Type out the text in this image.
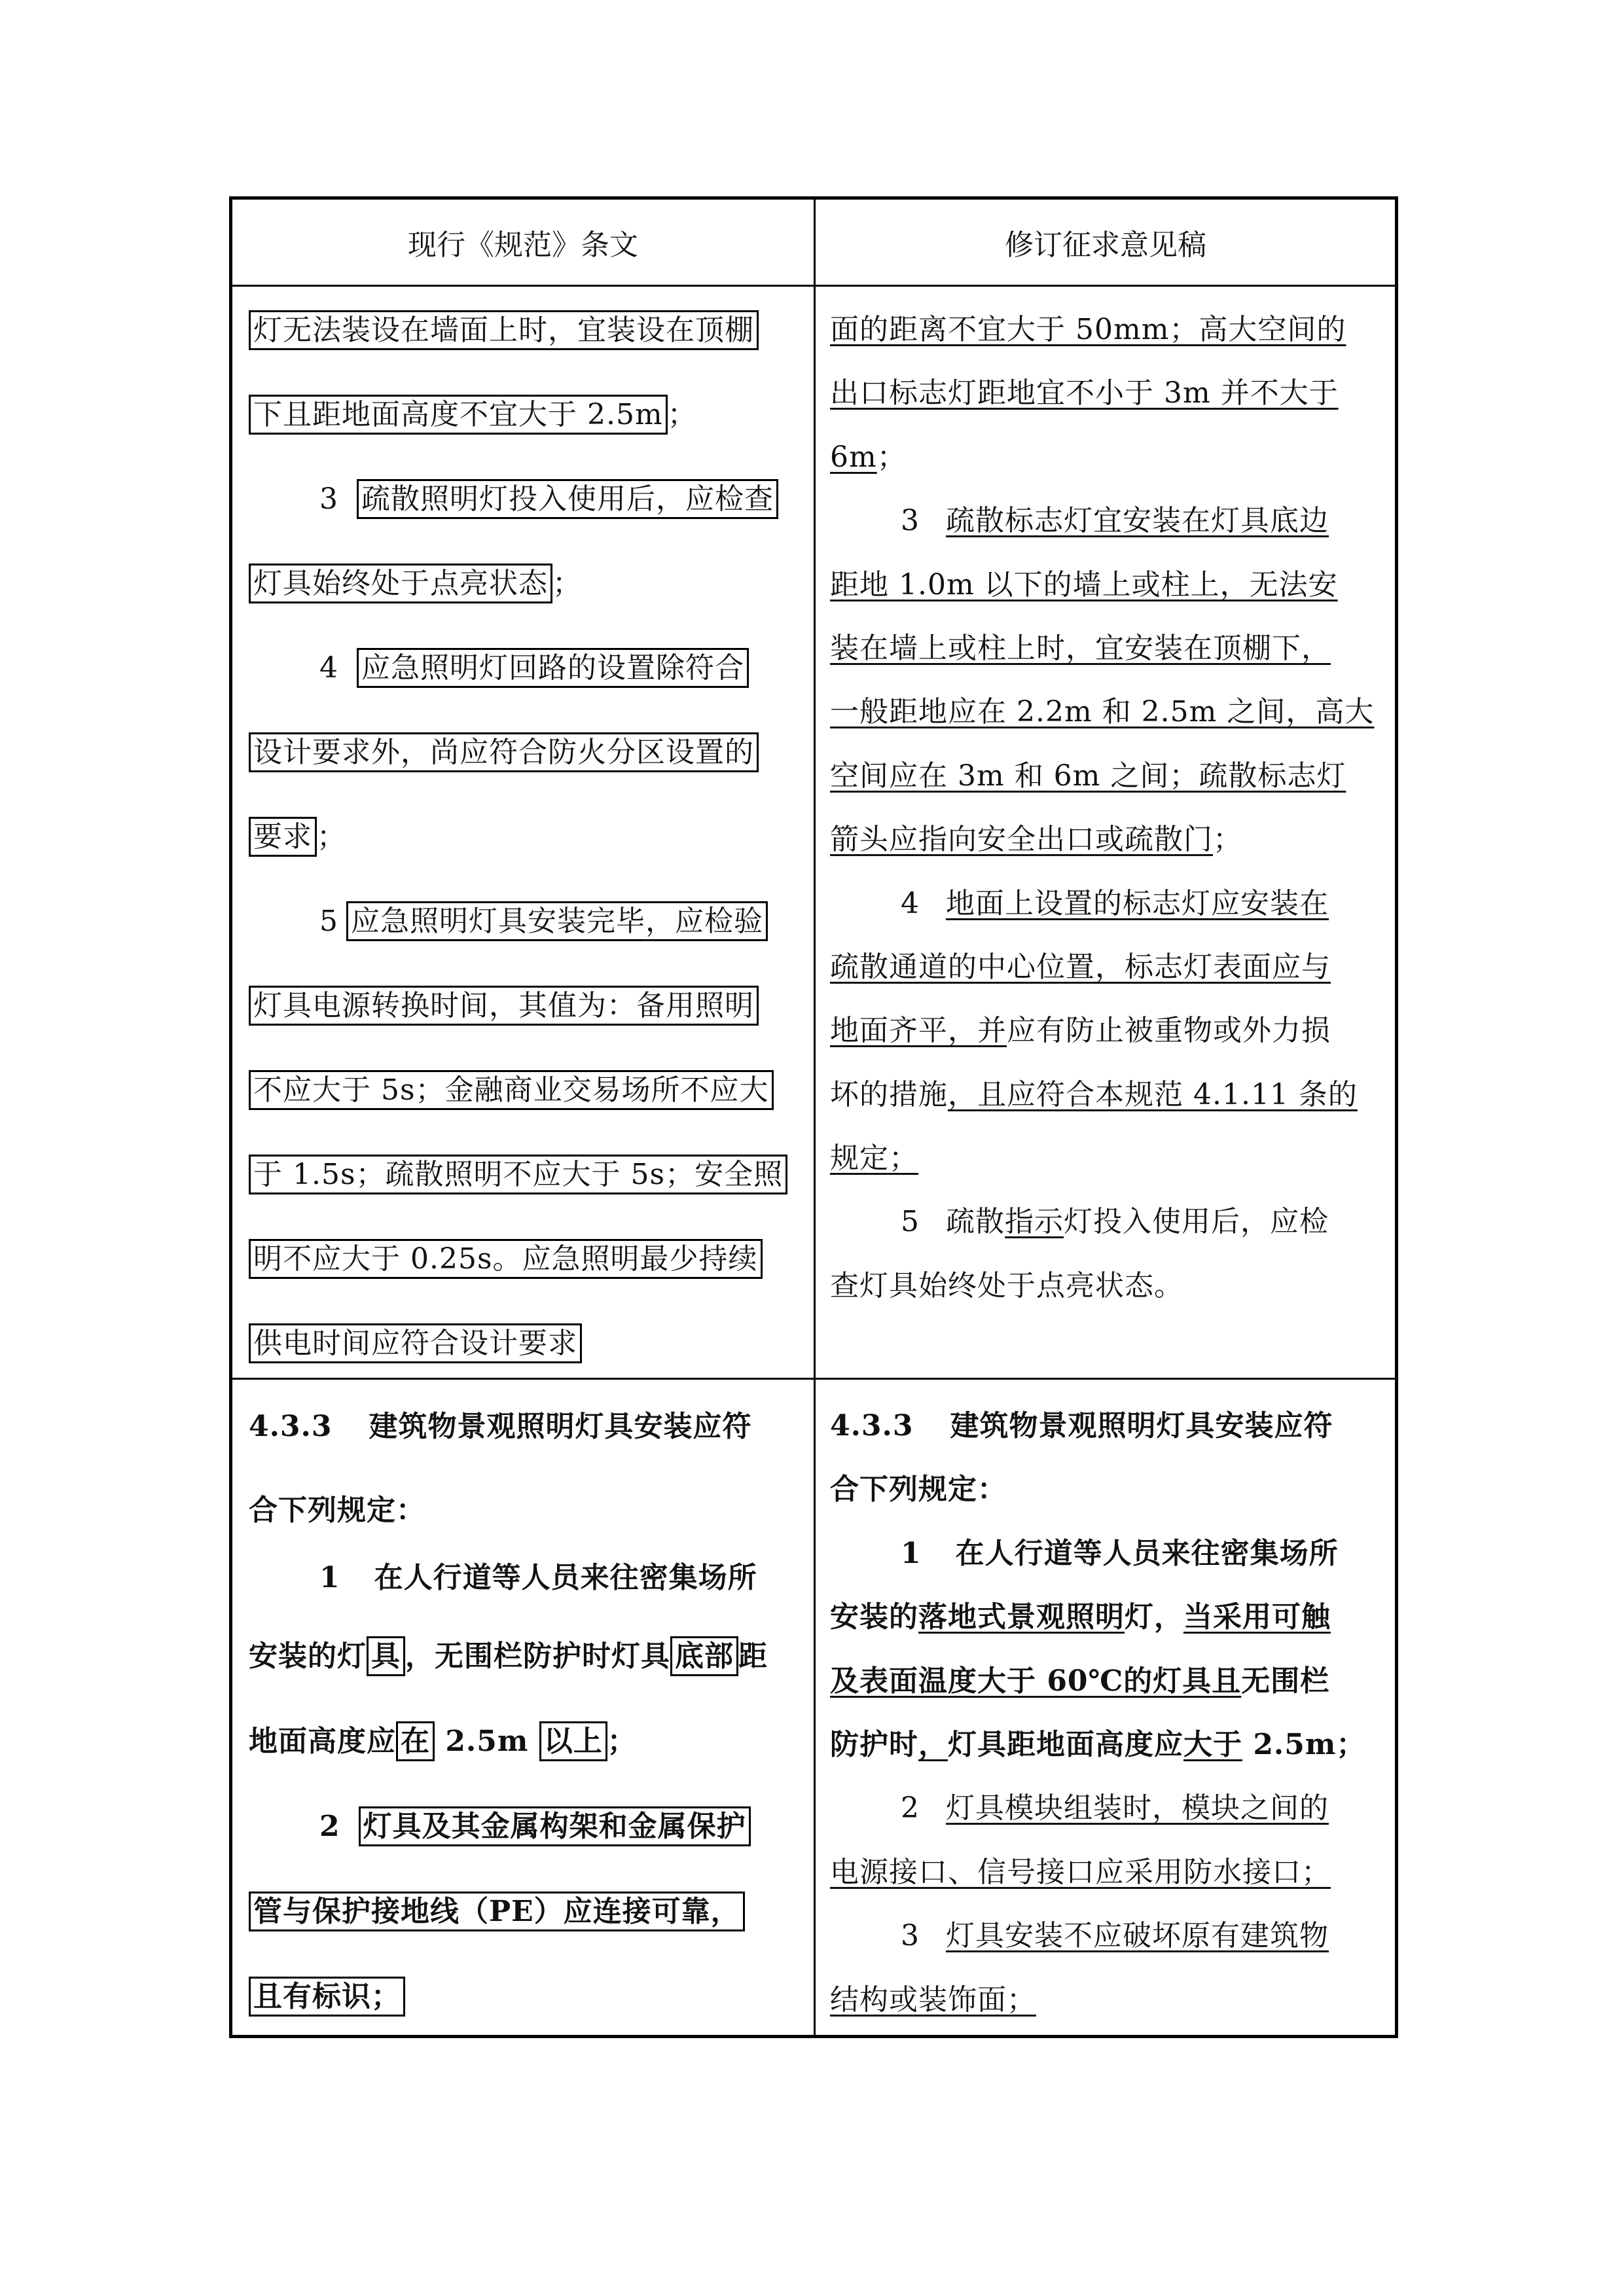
现行《规范》条文	修订征求意见稿
灯无法装设在墙面上时，宜装设在顶棚
下且距地面高度不宜大于 2.5m ；
3 疏散照明灯投入使用后，应检查
灯具始终处于点亮状态 ；
4 应急照明灯回路的设置除符合
设计要求外，尚应符合防火分区设置的
要求 ；
5 应急照明灯具安装完毕，应检验
灯具电源转换时间，其值为：备用照明
不应大于 5s；金融商业交易场所不应大
于 1.5s；疏散照明不应大于 5s；安全照
明不应大于 0.25s。应急照明最少持续
供电时间应符合设计要求
面的距离不宜大于 50mm；高大空间的
出口标志灯距地宜不小于 3m 并不大于
6m；
3 疏散标志灯宜安装在灯具底边
距地 1.0m 以下的墙上或柱上，无法安
装在墙上或柱上时，宜安装在顶棚下，
一般距地应在 2.2m 和 2.5m 之间，高大
空间应在 3m 和 6m 之间；疏散标志灯
箭头应指向安全出口或疏散门；
4 地面上设置的标志灯应安装在
疏散通道的中心位置，标志灯表面应与
地面齐平，并应有防止被重物或外力损
坏的措施，且应符合本规范 4.1.11 条的
规定；
5 疏散指示灯投入使用后，应检
查灯具始终处于点亮状态。
4.3.3 建筑物景观照明灯具安装应符
合下列规定：
1 在人行道等人员来往密集场所
安装的灯 具 ，无围栏防护时灯具 底部 距
地面高度应 在 2.5m 以上 ；
2 灯具及其金属构架和金属保护
管与保护接地线（PE）应连接可靠，
且有标识；
4.3.3 建筑物景观照明灯具安装应符
合下列规定：
1 在人行道等人员来往密集场所
安装的落地式景观照明灯，当采用可触
及表面温度大于 60℃的灯具且无围栏
防护时，灯具距地面高度应大于 2.5m；
2 灯具模块组装时，模块之间的
电源接口、信号接口应采用防水接口；
3 灯具安装不应破坏原有建筑物
结构或装饰面；
